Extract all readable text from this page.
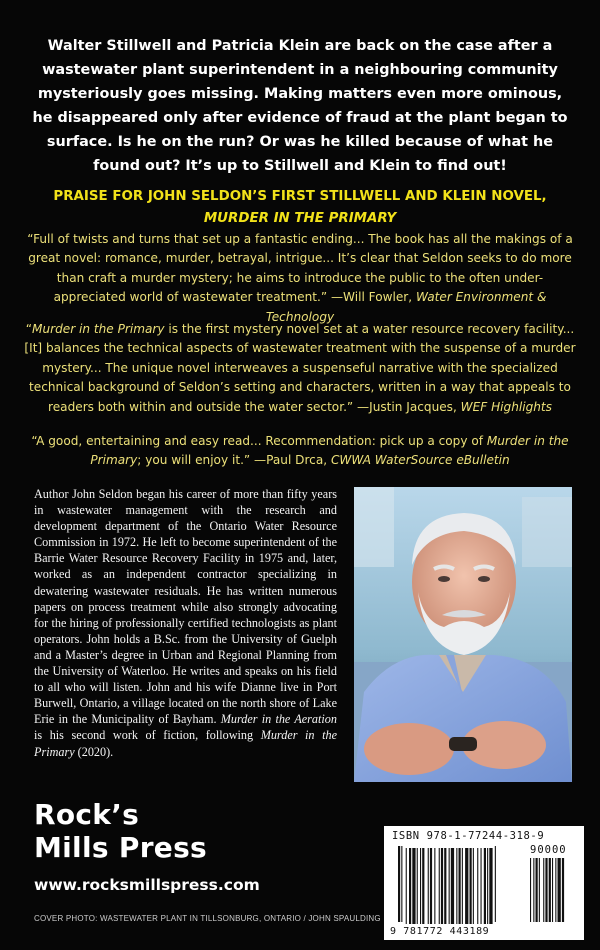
Walter Stillwell and Patricia Klein are back on the case after a wastewater plant superintendent in a neighbouring community mysteriously goes missing. Making matters even more ominous, he disappeared only after evidence of fraud at the plant began to surface. Is he on the run? Or was he killed because of what he found out? It’s up to Stillwell and Klein to find out!
PRAISE FOR JOHN SELDON’S FIRST STILLWELL AND KLEIN NOVEL,
MURDER IN THE PRIMARY
“Full of twists and turns that set up a fantastic ending... The book has all the makings of a great novel: romance, murder, betrayal, intrigue... It’s clear that Seldon seeks to do more than craft a murder mystery; he aims to introduce the public to the often under-appreciated world of wastewater treatment.” —Will Fowler, Water Environment & Technology
“Murder in the Primary is the first mystery novel set at a water resource recovery facility... [It] balances the technical aspects of wastewater treatment with the suspense of a murder mystery... The unique novel interweaves a suspenseful narrative with the specialized technical background of Seldon’s setting and characters, written in a way that appeals to readers both within and outside the water sector.” —Justin Jacques, WEF Highlights
“A good, entertaining and easy read... Recommendation: pick up a copy of Murder in the Primary; you will enjoy it.” —Paul Drca, CWWA WaterSource eBulletin
Author John Seldon began his career of more than fifty years in wastewater management with the research and development department of the Ontario Water Resource Commission in 1972. He left to become superintendent of the Barrie Water Resource Recovery Facility in 1975 and, later, worked as an independent contractor specializing in dewatering wastewater residuals. He has written numerous papers on process treatment while also strongly advocating for the hiring of professionally certified technologists as plant operators. John holds a B.Sc. from the University of Guelph and a Master’s degree in Urban and Regional Planning from the University of Waterloo. He writes and speaks on his field to all who will listen. John and his wife Dianne live in Port Burwell, Ontario, a village located on the north shore of Lake Erie in the Municipality of Bayham. Murder in the Aeration is his second work of fiction, following Murder in the Primary (2020).
Rock’s
Mills Press
www.rocksmillspress.com
COVER PHOTO: WASTEWATER PLANT IN TILLSONBURG, ONTARIO / JOHN SPAULDING
ISBN 978-1-77244-318-9
90000
9 781772 443189
